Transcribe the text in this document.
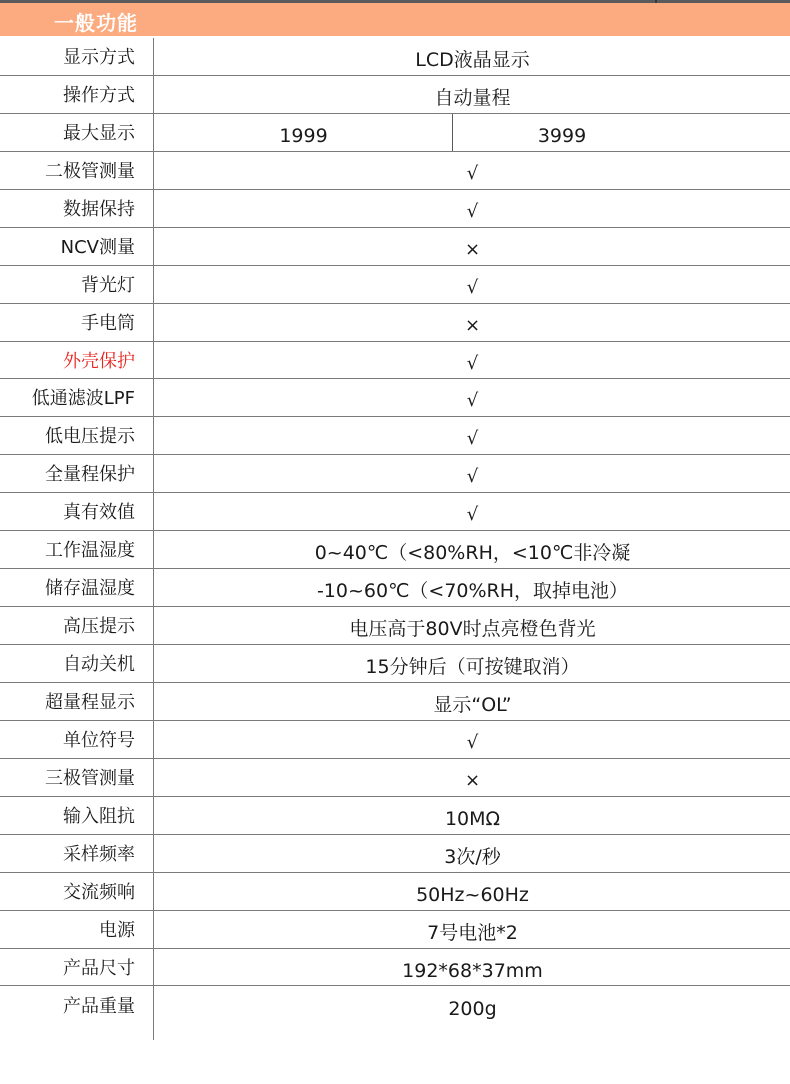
一般功能
显示方式	LCD液晶显示
操作方式	自动量程
最大显示	1999	3999
二极管测量	√
数据保持	√
NCV测量	×
背光灯	√
手电筒	×
外壳保护	√
低通滤波LPF	√
低电压提示	√
全量程保护	√
真有效值	√
工作温湿度	0~40℃（<80%RH，<10℃非冷凝
储存温湿度	-10~60℃（<70%RH，取掉电池）
高压提示	电压高于80V时点亮橙色背光
自动关机	15分钟后（可按键取消）
超量程显示	显示“OL”
单位符号	√
三极管测量	×
输入阻抗	10MΩ
采样频率	3次/秒
交流频响	50Hz~60Hz
电源	7号电池*2
产品尺寸	192*68*37mm
产品重量	200g
